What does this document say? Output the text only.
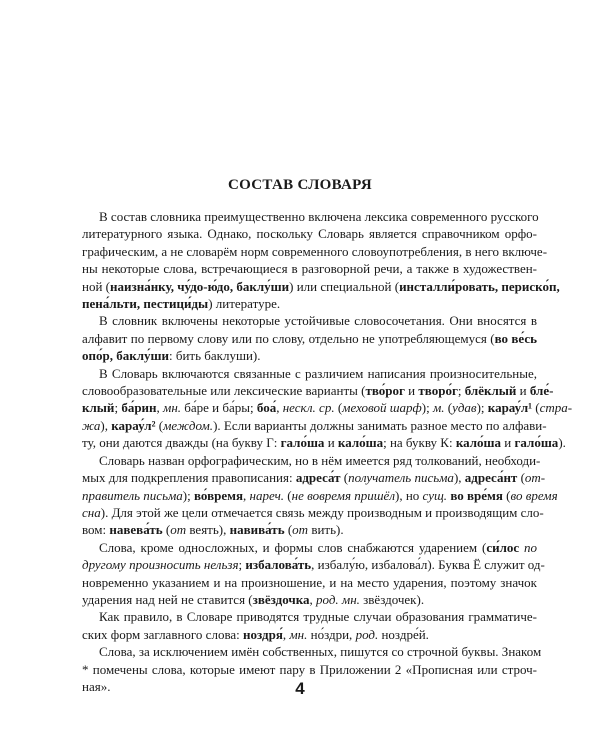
СОСТАВ СЛОВАРЯ
В состав словника преимущественно включена лексика современного русского
литературного языка. Однако, поскольку Словарь является справочником орфо-
графическим, а не словарём норм современного словоупотребления, в него включе-
ны некоторые слова, встречающиеся в разговорной речи, а также в художествен-
ной (наизна́нку, чу́до-ю́до, баклу́ши) или специальной (инсталли́ровать, периско́п,
пена́льти, пестици́ды) литературе.
В словник включены некоторые устойчивые словосочетания. Они вносятся в
алфавит по первому слову или по слову, отдельно не употребляющемуся (во ве́сь
опо́р, баклу́ши: бить баклуши).
В Словарь включаются связанные с различием написания произносительные,
словообразовательные или лексические варианты (тво́рог и творо́г; блёклый и бле́-
клый; ба́рин, мн. ба́ре и ба́ры; боа́, нескл. ср. (меховой шарф); м. (удав); карау́л¹ (стра-
жа), карау́л² (междом.). Если варианты должны занимать разное место по алфави-
ту, они даются дважды (на букву Г: гало́ша и кало́ша; на букву К: кало́ша и гало́ша).
Словарь назван орфографическим, но в нём имеется ряд толкований, необходи-
мых для подкрепления правописания: адреса́т (получатель письма), адреса́нт (от-
правитель письма); во́время, нареч. (не вовремя пришёл), но сущ. во вре́мя (во время
сна). Для этой же цели отмечается связь между производным и производящим сло-
вом: навева́ть (от веять), навива́ть (от вить).
Слова, кроме односложных, и формы слов снабжаются ударением (си́лос по
другому произносить нельзя; избалова́ть, избалу́ю, избалова́л). Буква Ё служит од-
новременно указанием и на произношение, и на место ударения, поэтому значок
ударения над ней не ставится (звёздочка, род. мн. звёздочек).
Как правило, в Словаре приводятся трудные случаи образования грамматиче-
ских форм заглавного слова: ноздря́, мн. но́здри, род. ноздре́й.
Слова, за исключением имён собственных, пишутся со строчной буквы. Знаком
* помечены слова, которые имеют пару в Приложении 2 «Прописная или строч-
ная».	4
